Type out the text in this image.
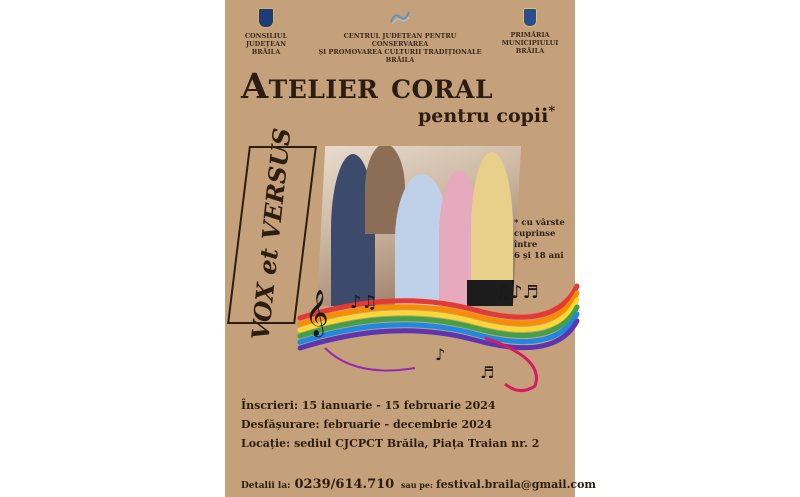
CONSILIUL JUDEȚEAN
BRĂILA
CENTRUL JUDEȚEAN PENTRU CONSERVAREA
ȘI PROMOVAREA CULTURII TRADIȚIONALE BRĂILA
PRIMĂRIA MUNICIPIULUI
BRĂILA
Atelier coral
pentru copii*
VOX et VERSUS	* cu vârste
cuprinse
între
6 și 18 ani
𝄞 ♪♫	♫♪♬
♪
♬
Înscrieri: 15 ianuarie - 15 februarie 2024
Desfășurare: februarie - decembrie 2024
Locație: sediul CJCPCT Brăila, Piața Traian nr. 2
Detalii la: 0239/614.710 sau pe: festival.braila@gmail.com
